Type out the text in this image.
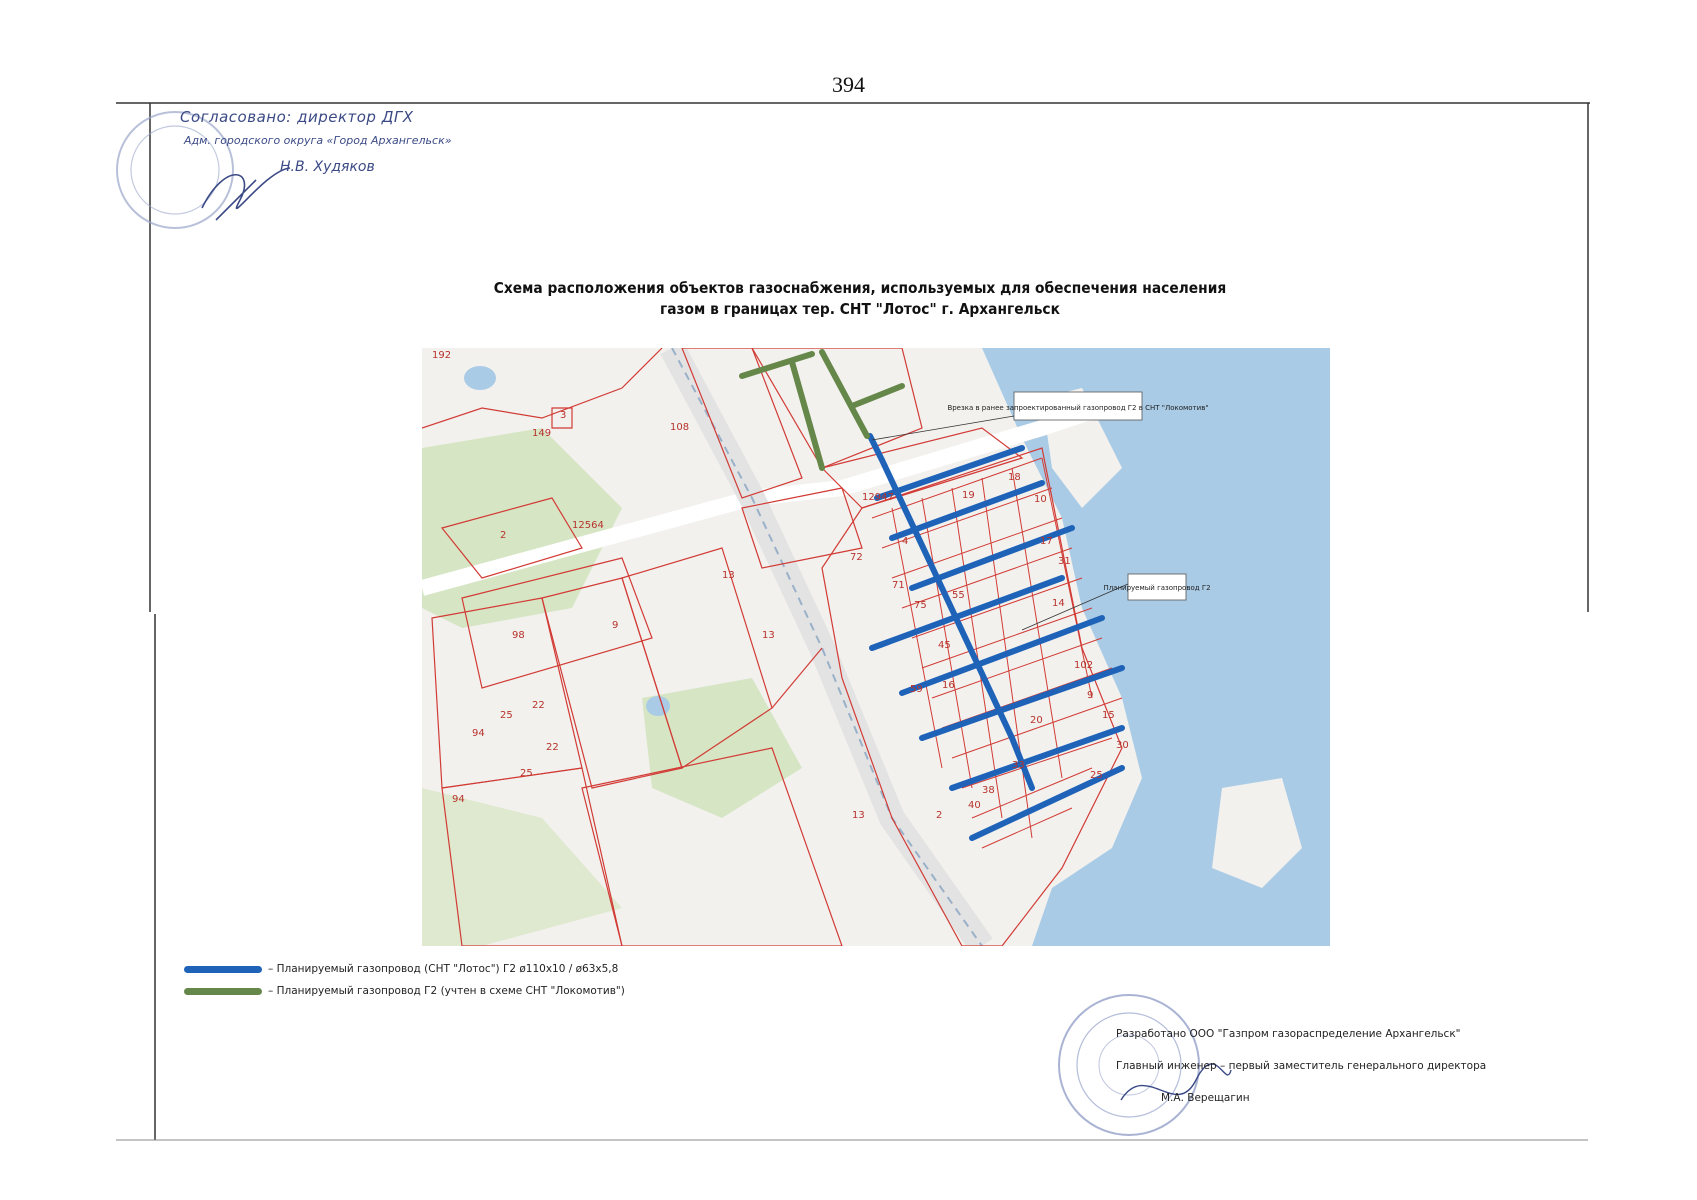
394
Согласовано: директор ДГХ
Адм. городского округа «Город Архангельск»
Н.В. Худяков
Схема расположения объектов газоснабжения, используемых для обеспечения населения
газом в границах тер. СНТ "Лотос" г. Архангельск
Врезка в ранее запроектированный газопровод Г2 в СНТ "Локомотив"
Планируемый газопровод Г2
192
149
108
3
18
10
19
12947
4	17
14
31
102
2
12564
13
13
9
98
94
25
22
22
25
94
13	2
16
59
30
25
15
9
20
72
71
75
55
45
33
38
40
– Планируемый газопровод (СНТ "Лотос") Г2 ø110х10 / ø63х5,8
– Планируемый газопровод Г2 (учтен в схеме СНТ "Локомотив")
Разработано ООО "Газпром газораспределение Архангельск"
Главный инженер – первый заместитель генерального директора
М.А. Верещагин
